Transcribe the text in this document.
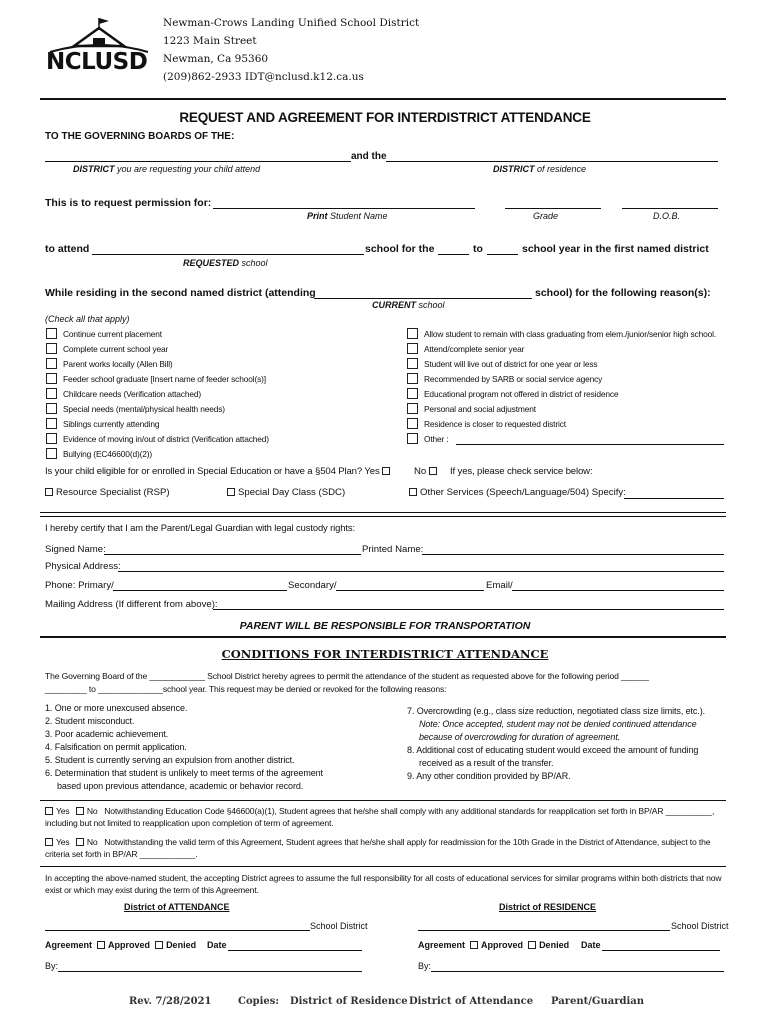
NCLUSD
Newman-Crows Landing Unified School District
1223 Main Street
Newman, Ca 95360
(209)862-2933 IDT@nclusd.k12.ca.us
REQUEST AND AGREEMENT FOR INTERDISTRICT ATTENDANCE
TO THE GOVERNING BOARDS OF THE:
and the
DISTRICT you are requesting your child attend	DISTRICT of residence
This is to request permission for:
Print Student Name	Grade	D.O.B.
to attend	school for the	to	school year in the first named district
REQUESTED school
While residing in the second named district (attending	school) for the following reason(s):
CURRENT school
(Check all that apply)
Continue current placement
Complete current school year
Parent works locally (Allen Bill)
Feeder school graduate [Insert name of feeder school(s)]
Childcare needs (Verification attached)
Special needs (mental/physical health needs)
Siblings currently attending
Evidence of moving in/out of district (Verification attached)
Bullying (EC46600(d)(2))
Allow student to remain with class graduating from elem./junior/senior high school.
Attend/complete senior year
Student will live out of district for one year or less
Recommended by SARB or social service agency
Educational program not offered in district of residence
Personal and social adjustment
Residence is closer to requested district
Other :
Is your child eligible for or enrolled in Special Education or have a §504 Plan? Yes	No	If yes, please check service below:
Resource Specialist (RSP)	Special Day Class (SDC)	Other Services (Speech/Language/504) Specify:
I hereby certify that I am the Parent/Legal Guardian with legal custody rights:
Signed Name:	Printed Name:
Physical Address:
Phone: Primary/	Secondary/	Email/
Mailing Address (If different from above):
PARENT WILL BE RESPONSIBLE FOR TRANSPORTATION
CONDITIONS FOR INTERDISTRICT ATTENDANCE
The Governing Board of the ____________ School District hereby agrees to permit the attendance of the student as requested above for the following period ______
_________ to ______________school year. This request may be denied or revoked for the following reasons:
1. One or more unexcused absence.
2. Student misconduct.
3. Poor academic achievement.
4. Falsification on permit application.
5. Student is currently serving an expulsion from another district.
6. Determination that student is unlikely to meet terms of the agreement
based upon previous attendance, academic or behavior record.
7. Overcrowding (e.g., class size reduction, negotiated class size limits, etc.).
Note: Once accepted, student may not be denied continued attendance
because of overcrowding for duration of agreement.
8. Additional cost of educating student would exceed the amount of funding
received as a result of the transfer.
9. Any other condition provided by BP/AR.
Yes No Notwithstanding Education Code §46600(a)(1), Student agrees that he/she shall comply with any additional standards for reapplication set forth in BP/AR __________,
including but not limited to reapplication upon completion of term of agreement.
Yes No Notwithstanding the valid term of this Agreement, Student agrees that he/she shall apply for readmission for the 10th Grade in the District of Attendance, subject to the
criteria set forth in BP/AR ____________.
In accepting the above-named student, the accepting District agrees to assume the full responsibility for all costs of educational services for similar programs within both districts that now
exist or which may exist during the term of this Agreement.
District of ATTENDANCE	District of RESIDENCE
School District	School District
Agreement Approved Denied Date	Agreement Approved Denied Date
By:	By:
Rev. 7/28/2021	Copies: District of Residence District of Attendance Parent/Guardian
